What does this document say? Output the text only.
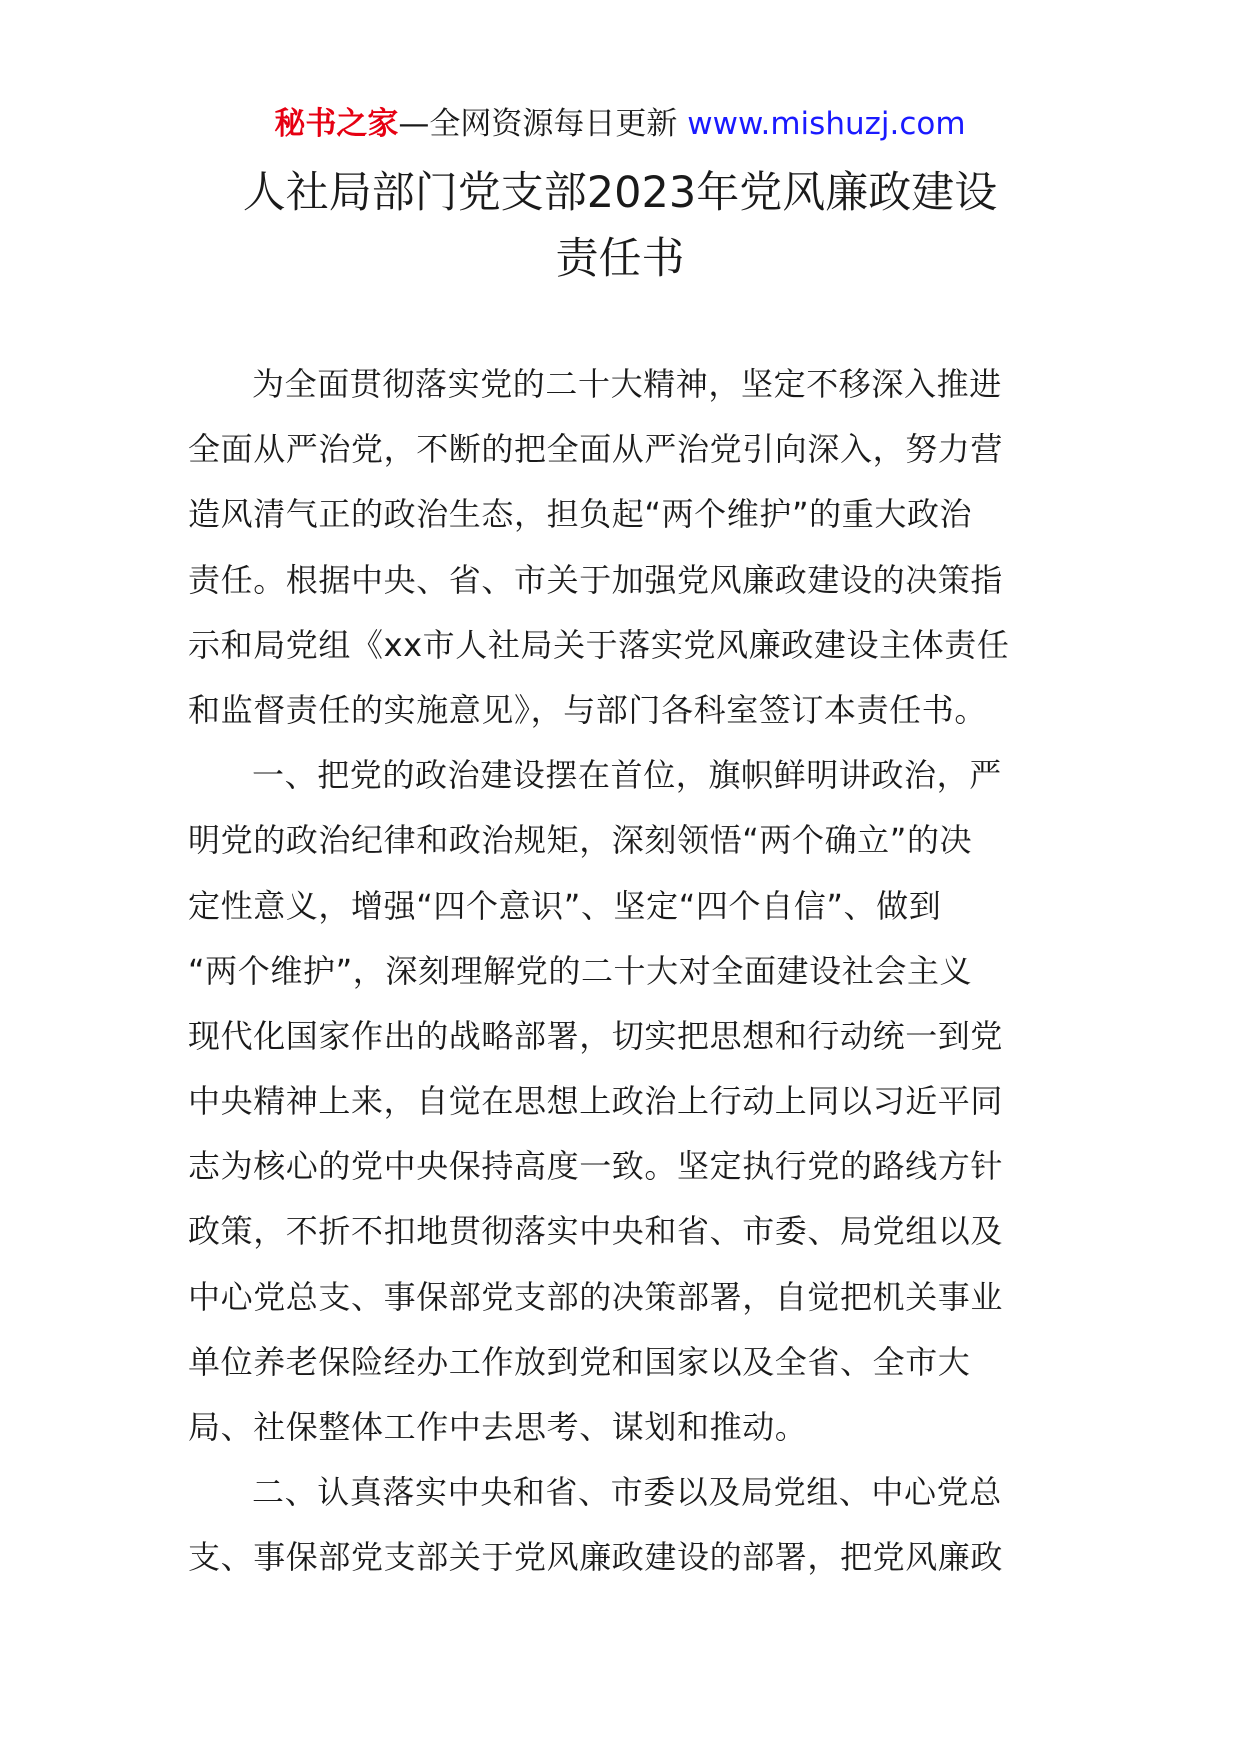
秘书之家—全网资源每日更新 www.mishuzj.com
人社局部门党支部2023年党风廉政建设
责任书
为全面贯彻落实党的二十大精神，坚定不移深入推进
全面从严治党，不断的把全面从严治党引向深入，努力营
造风清气正的政治生态，担负起“两个维护”的重大政治
责任。根据中央、省、市关于加强党风廉政建设的决策指
示和局党组《xx市人社局关于落实党风廉政建设主体责任
和监督责任的实施意见》，与部门各科室签订本责任书。
一、把党的政治建设摆在首位，旗帜鲜明讲政治，严
明党的政治纪律和政治规矩，深刻领悟“两个确立”的决
定性意义，增强“四个意识”、坚定“四个自信”、做到
“两个维护”，深刻理解党的二十大对全面建设社会主义
现代化国家作出的战略部署，切实把思想和行动统一到党
中央精神上来，自觉在思想上政治上行动上同以习近平同
志为核心的党中央保持高度一致。坚定执行党的路线方针
政策，不折不扣地贯彻落实中央和省、市委、局党组以及
中心党总支、事保部党支部的决策部署，自觉把机关事业
单位养老保险经办工作放到党和国家以及全省、全市大
局、社保整体工作中去思考、谋划和推动。
二、认真落实中央和省、市委以及局党组、中心党总
支、事保部党支部关于党风廉政建设的部署，把党风廉政
